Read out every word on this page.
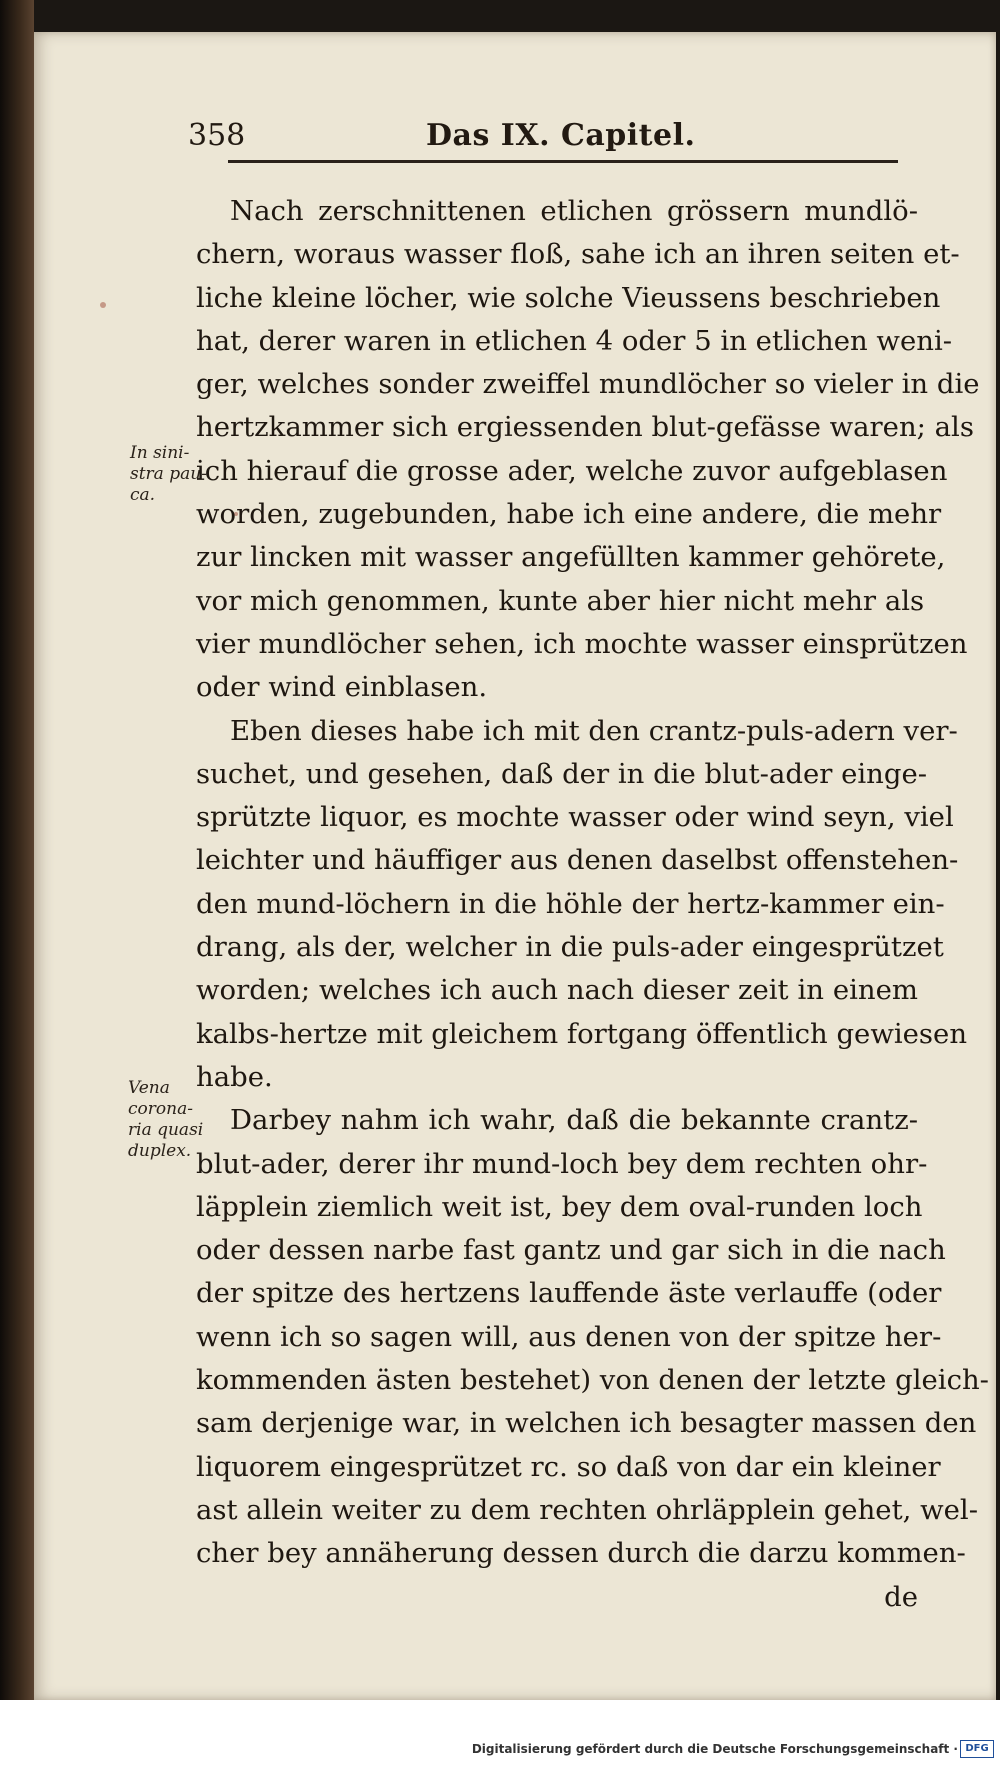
358	Das IX. Capitel.
In sini-
stra pau-
ca.
Vena
corona-
ria quasi
duplex.
Nach zerschnittenen etlichen grössern mundlö-
chern, woraus wasser floß, sahe ich an ihren seiten et-
liche kleine löcher, wie solche Vieussens beschrieben
hat, derer waren in etlichen 4 oder 5 in etlichen weni-
ger, welches sonder zweiffel mundlöcher so vieler in die
hertzkammer sich ergiessenden blut-gefässe waren; als
ich hierauf die grosse ader, welche zuvor aufgeblasen
worden, zugebunden, habe ich eine andere, die mehr
zur lincken mit wasser angefüllten kammer gehörete,
vor mich genommen, kunte aber hier nicht mehr als
vier mundlöcher sehen, ich mochte wasser einsprützen
oder wind einblasen.
Eben dieses habe ich mit den crantz-puls-adern ver-
suchet, und gesehen, daß der in die blut-ader einge-
sprützte liquor, es mochte wasser oder wind seyn, viel
leichter und häuffiger aus denen daselbst offenstehen-
den mund-löchern in die höhle der hertz-kammer ein-
drang, als der, welcher in die puls-ader eingesprützet
worden; welches ich auch nach dieser zeit in einem
kalbs-hertze mit gleichem fortgang öffentlich gewiesen
habe.
Darbey nahm ich wahr, daß die bekannte crantz-
blut-ader, derer ihr mund-loch bey dem rechten ohr-
läpplein ziemlich weit ist, bey dem oval-runden loch
oder dessen narbe fast gantz und gar sich in die nach
der spitze des hertzens lauffende äste verlauffe (oder
wenn ich so sagen will, aus denen von der spitze her-
kommenden ästen bestehet) von denen der letzte gleich-
sam derjenige war, in welchen ich besagter massen den
liquorem eingesprützet rc. so daß von dar ein kleiner
ast allein weiter zu dem rechten ohrläpplein gehet, wel-
cher bey annäherung dessen durch die darzu kommen-
de
Digitalisierung gefördert durch die Deutsche Forschungsgemeinschaft · DFG
